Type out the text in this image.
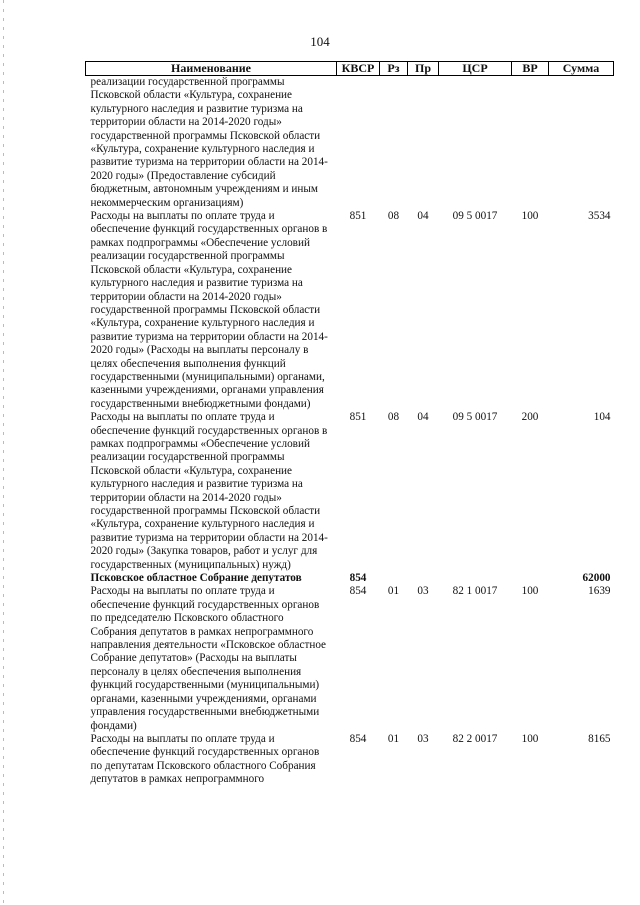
104
Наименование	КВСР	Рз	Пр	ЦСР	ВР	Сумма
реализации государственной программы Псковской области «Культура, сохранение культурного наследия и развитие туризма на территории области на 2014-2020 годы» государственной программы Псковской области «Культура, сохранение культурного наследия и развитие туризма на территории области на 2014-2020 годы» (Предоставление субсидий бюджетным, автономным учреждениям и иным некоммерческим организациям)						
Расходы на выплаты по оплате труда и обеспечение функций государственных органов в рамках подпрограммы «Обеспечение условий реализации государственной программы Псковской области «Культура, сохранение культурного наследия и развитие туризма на территории области на 2014-2020 годы» государственной программы Псковской области «Культура, сохранение культурного наследия и развитие туризма на территории области на 2014-2020 годы» (Расходы на выплаты персоналу в целях обеспечения выполнения функций государственными (муниципальными) органами, казенными учреждениями, органами управления государственными внебюджетными фондами)	851	08	04	09 5 0017	100	3534
Расходы на выплаты по оплате труда и обеспечение функций государственных органов в рамках подпрограммы «Обеспечение условий реализации государственной программы Псковской области «Культура, сохранение культурного наследия и развитие туризма на территории области на 2014-2020 годы» государственной программы Псковской области «Культура, сохранение культурного наследия и развитие туризма на территории области на 2014-2020 годы» (Закупка товаров, работ и услуг для государственных (муниципальных) нужд)	851	08	04	09 5 0017	200	104
Псковское областное Собрание депутатов	854					62000
Расходы на выплаты по оплате труда и обеспечение функций государственных органов по председателю Псковского областного Собрания депутатов в рамках непрограммного направления деятельности «Псковское областное Собрание депутатов» (Расходы на выплаты персоналу в целях обеспечения выполнения функций государственными (муниципальными) органами, казенными учреждениями, органами управления государственными внебюджетными фондами)	854	01	03	82 1 0017	100	1639
Расходы на выплаты по оплате труда и обеспечение функций государственных органов по депутатам Псковского областного Собрания депутатов в рамках непрограммного	854	01	03	82 2 0017	100	8165
